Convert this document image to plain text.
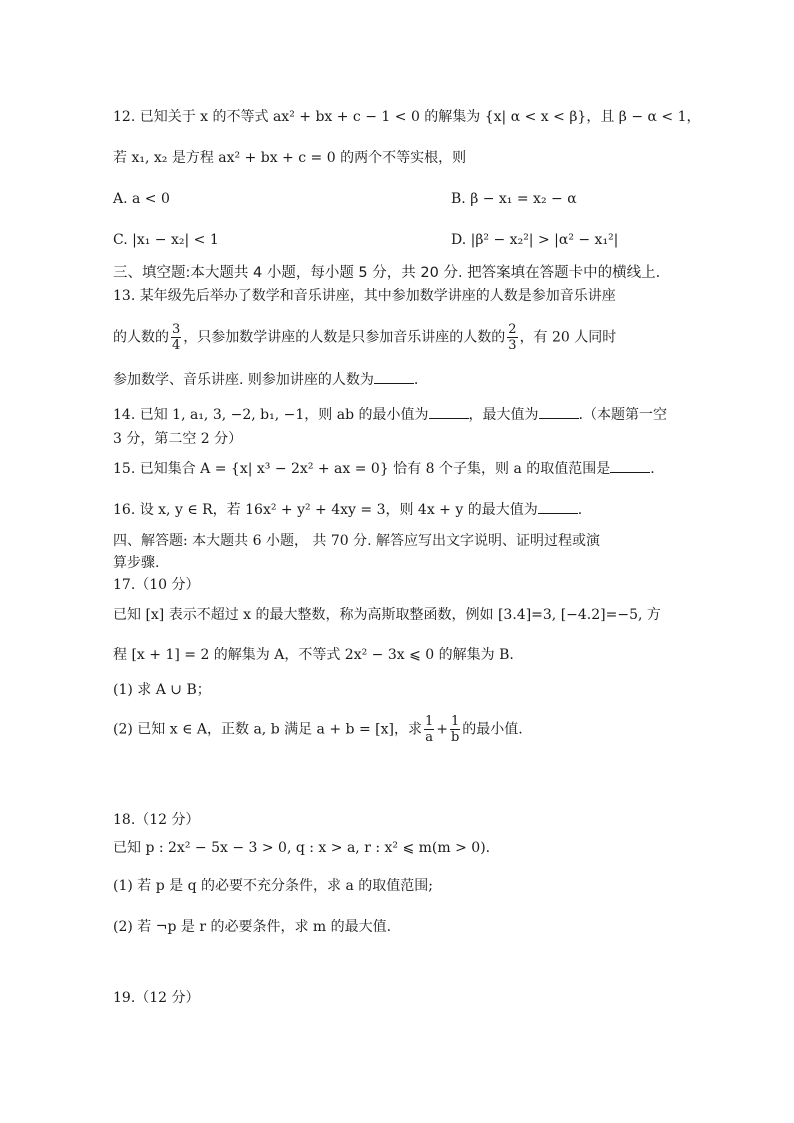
12. 已知关于 x 的不等式 ax² + bx + c − 1 < 0 的解集为 {x| α < x < β}，且 β − α < 1，
若 x₁, x₂ 是方程 ax² + bx + c = 0 的两个不等实根，则
A. a < 0	B. β − x₁ = x₂ − α
C. |x₁ − x₂| < 1	D. |β² − x₂²| > |α² − x₁²|
三、填空题:本大题共 4 小题，每小题 5 分，共 20 分. 把答案填在答题卡中的横线上.
13. 某年级先后举办了数学和音乐讲座，其中参加数学讲座的人数是参加音乐讲座
的人数的 $\frac{3}{4}$ ，只参加数学讲座的人数是只参加音乐讲座的人数的 $\frac{2}{3}$ ，有 20 人同时
参加数学、音乐讲座. 则参加讲座的人数为	.
14. 已知 1, a₁, 3, −2, b₁, −1，则 ab 的最小值为	，最大值为	.（本题第一空
3 分，第二空 2 分）
15. 已知集合 A = {x| x³ − 2x² + ax = 0} 恰有 8 个子集，则 a 的取值范围是	.
16. 设 x, y ∈ R，若 16x² + y² + 4xy = 3，则 4x + y 的最大值为	.
四、解答题: 本大题共 6 小题， 共 70 分. 解答应写出文字说明、证明过程或演
算步骤.
17.（10 分）
已知 [x] 表示不超过 x 的最大整数，称为高斯取整函数，例如 [3.4]=3, [−4.2]=−5, 方
程 [x + 1] = 2 的解集为 A，不等式 2x² − 3x ⩽ 0 的解集为 B.
(1) 求 A ∪ B；
(2) 已知 x ∈ A，正数 a, b 满足 a + b = [x]，求 $\frac{1}{a} + \frac{1}{b}$ 的最小值.
18.（12 分）
已知 p : 2x² − 5x − 3 > 0, q : x > a, r : x² ⩽ m(m > 0).
(1) 若 p 是 q 的必要不充分条件，求 a 的取值范围;
(2) 若 ¬p 是 r 的必要条件，求 m 的最大值.
19.（12 分）
